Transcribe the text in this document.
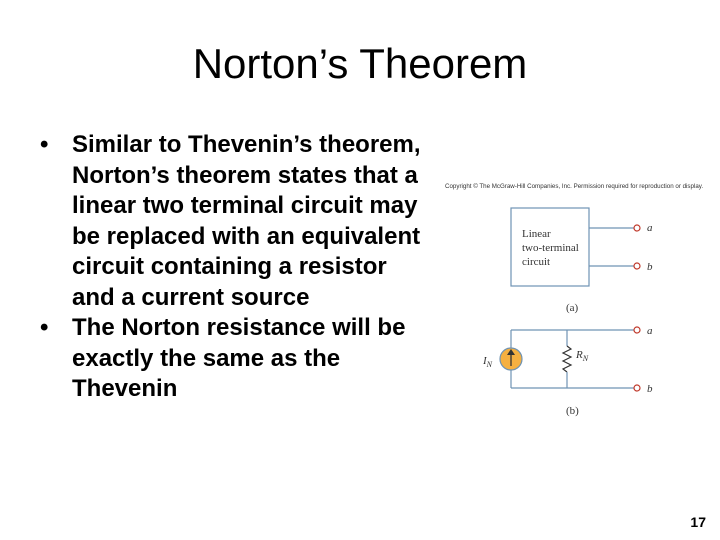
Norton’s Theorem
• Similar to Thevenin’s theorem, Norton’s theorem states that a linear two terminal circuit may be replaced with an equivalent circuit containing a resistor and a current source
• The Norton resistance will be exactly the same as the Thevenin
Copyright © The McGraw-Hill Companies, Inc. Permission required for reproduction or display.
Linear
two-terminal
circuit
a
b
(a)
$I_N$
$R_N$
a
b
(b)
17
